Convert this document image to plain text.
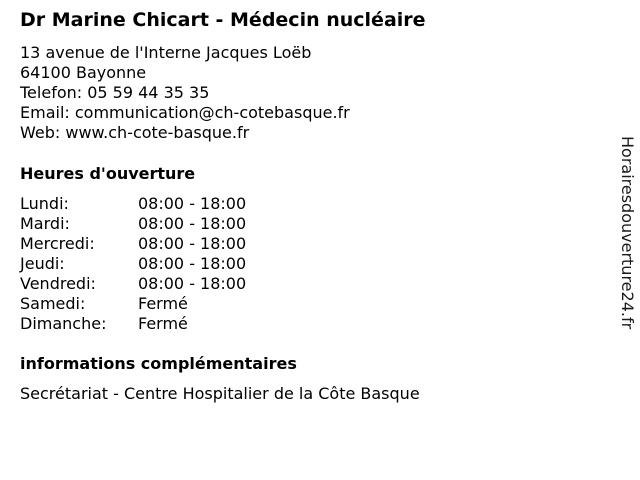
Dr Marine Chicart - Médecin nucléaire
13 avenue de l'Interne Jacques Loëb
64100 Bayonne
Telefon: 05 59 44 35 35
Email: communication@ch-cotebasque.fr
Web: www.ch-cote-basque.fr
Heures d'ouverture
Lundi:	08:00 - 18:00
Mardi:	08:00 - 18:00
Mercredi:	08:00 - 18:00
Jeudi:	08:00 - 18:00
Vendredi:	08:00 - 18:00
Samedi:	Fermé
Dimanche:	Fermé
informations complémentaires
Secrétariat - Centre Hospitalier de la Côte Basque
Horairesdouverture24.fr
